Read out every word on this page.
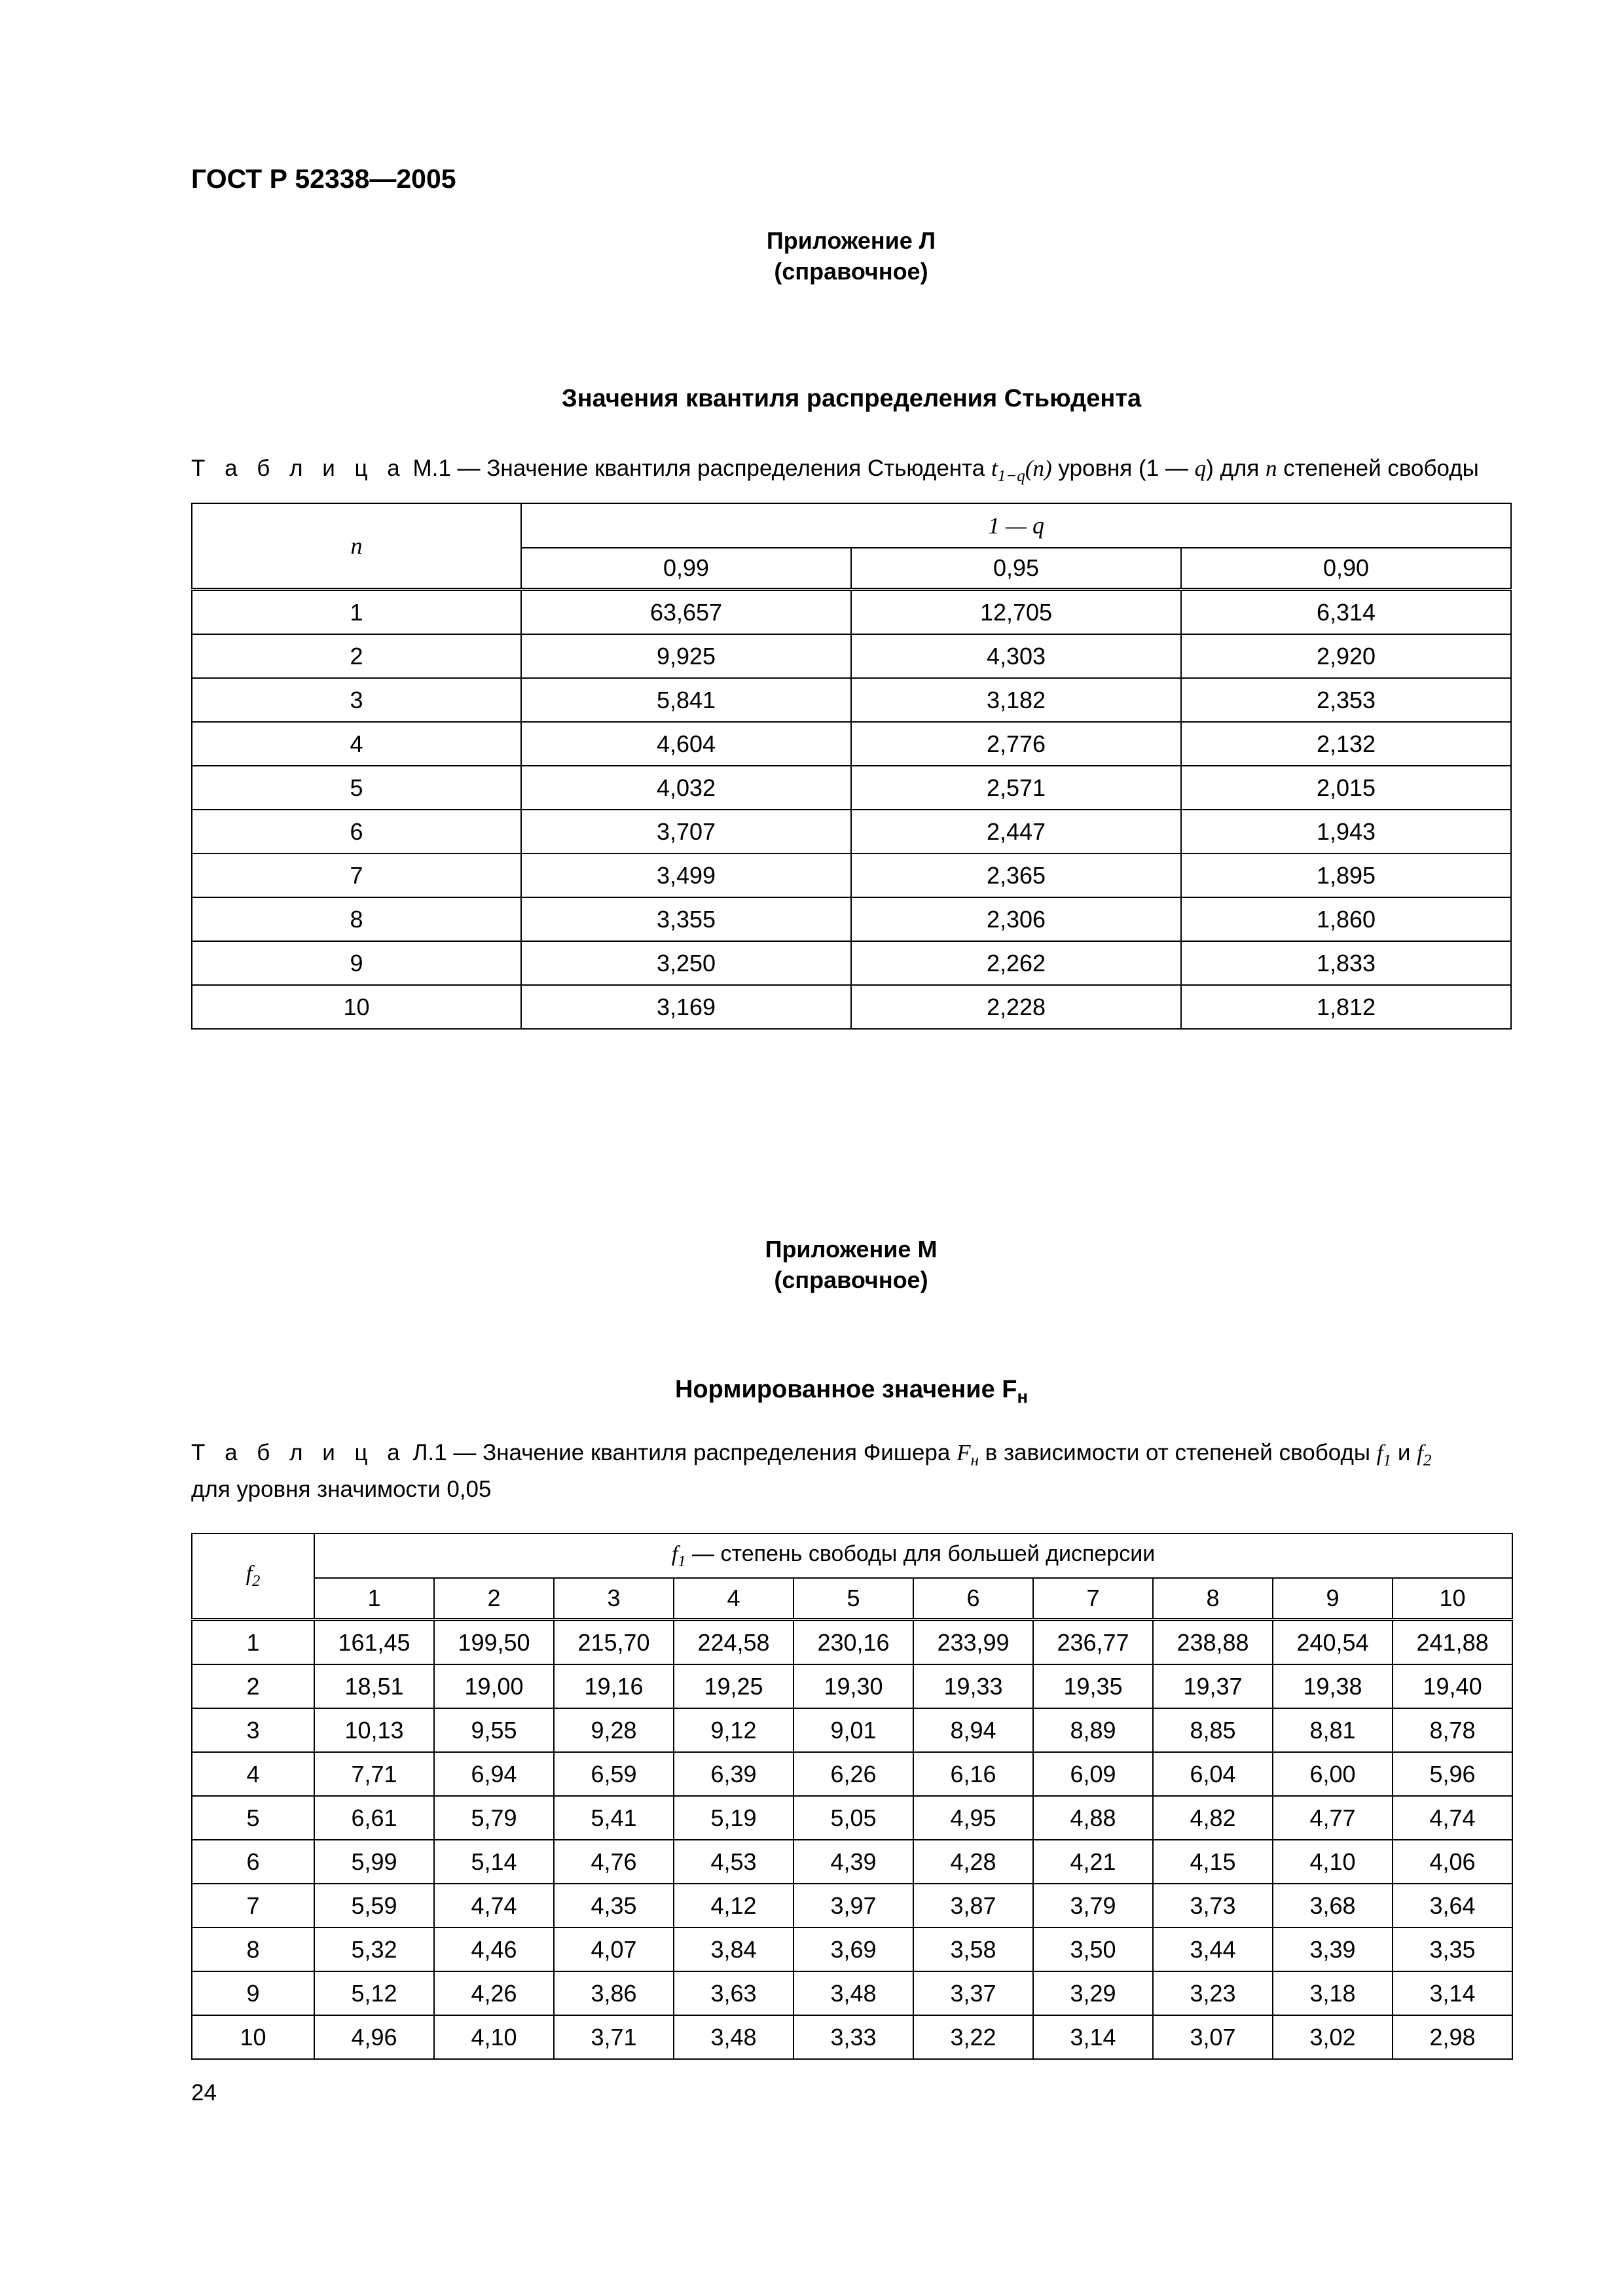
ГОСТ Р 52338—2005
Приложение Л
(справочное)
Значения квантиля распределения Стьюдента
Т а б л и ц а М.1 — Значение квантиля распределения Стьюдента $t_{1-q}(n)$ уровня (1 — q) для n степеней свободы
n	1 — q		
	0,99	0,95	0,90
1	63,657	12,705	6,314
2	9,925	4,303	2,920
3	5,841	3,182	2,353
4	4,604	2,776	2,132
5	4,032	2,571	2,015
6	3,707	2,447	1,943
7	3,499	2,365	1,895
8	3,355	2,306	1,860
9	3,250	2,262	1,833
10	3,169	2,228	1,812
Приложение М
(справочное)
Нормированное значение $F_н$
Т а б л и ц а Л.1 — Значение квантиля распределения Фишера $F_н$ в зависимости от степеней свободы $f_1$ и $f_2$
для уровня значимости 0,05
$f_2$	$f_1$ — степень свободы для большей дисперсии									
	1	2	3	4	5	6	7	8	9	10
1	161,45	199,50	215,70	224,58	230,16	233,99	236,77	238,88	240,54	241,88
2	18,51	19,00	19,16	19,25	19,30	19,33	19,35	19,37	19,38	19,40
3	10,13	9,55	9,28	9,12	9,01	8,94	8,89	8,85	8,81	8,78
4	7,71	6,94	6,59	6,39	6,26	6,16	6,09	6,04	6,00	5,96
5	6,61	5,79	5,41	5,19	5,05	4,95	4,88	4,82	4,77	4,74
6	5,99	5,14	4,76	4,53	4,39	4,28	4,21	4,15	4,10	4,06
7	5,59	4,74	4,35	4,12	3,97	3,87	3,79	3,73	3,68	3,64
8	5,32	4,46	4,07	3,84	3,69	3,58	3,50	3,44	3,39	3,35
9	5,12	4,26	3,86	3,63	3,48	3,37	3,29	3,23	3,18	3,14
10	4,96	4,10	3,71	3,48	3,33	3,22	3,14	3,07	3,02	2,98
24
